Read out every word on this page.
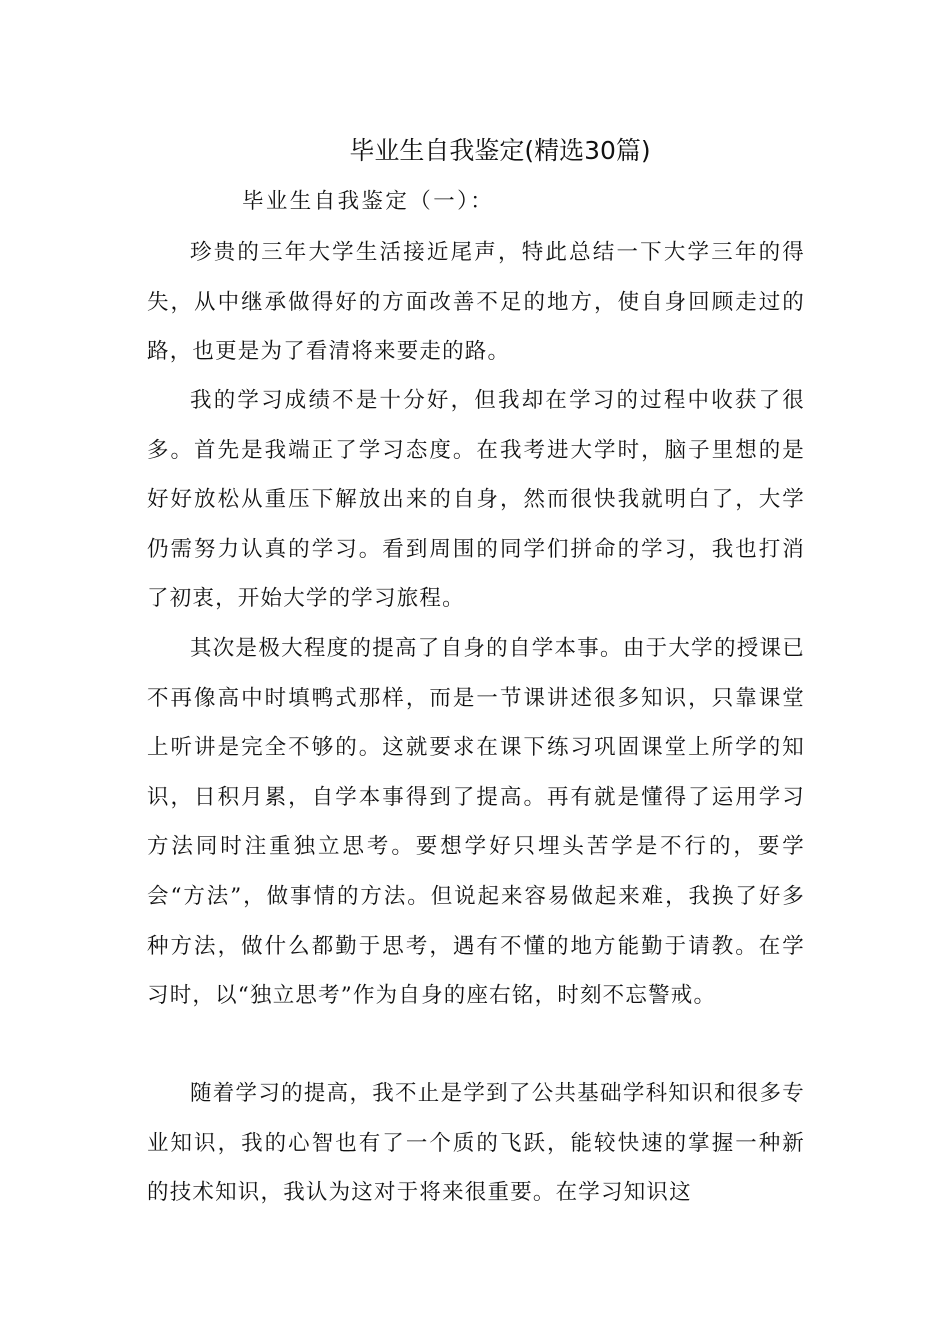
毕业生自我鉴定(精选30篇)
毕业生自我鉴定（一）：

珍贵的三年大学生活接近尾声，特此总结一下大学三年的得失，从中继承做得好的方面改善不足的地方，使自身回顾走过的路，也更是为了看清将来要走的路。

我的学习成绩不是十分好，但我却在学习的过程中收获了很多。首先是我端正了学习态度。在我考进大学时，脑子里想的是好好放松从重压下解放出来的自身，然而很快我就明白了，大学仍需努力认真的学习。看到周围的同学们拼命的学习，我也打消了初衷，开始大学的学习旅程。

其次是极大程度的提高了自身的自学本事。由于大学的授课已不再像高中时填鸭式那样，而是一节课讲述很多知识，只靠课堂上听讲是完全不够的。这就要求在课下练习巩固课堂上所学的知识，日积月累，自学本事得到了提高。再有就是懂得了运用学习方法同时注重独立思考。要想学好只埋头苦学是不行的，要学会“方法”，做事情的方法。但说起来容易做起来难，我换了好多种方法，做什么都勤于思考，遇有不懂的地方能勤于请教。在学习时，以“独立思考”作为自身的座右铭，时刻不忘警戒。

随着学习的提高，我不止是学到了公共基础学科知识和很多专业知识，我的心智也有了一个质的飞跃，能较快速的掌握一种新的技术知识，我认为这对于将来很重要。在学习知识这
